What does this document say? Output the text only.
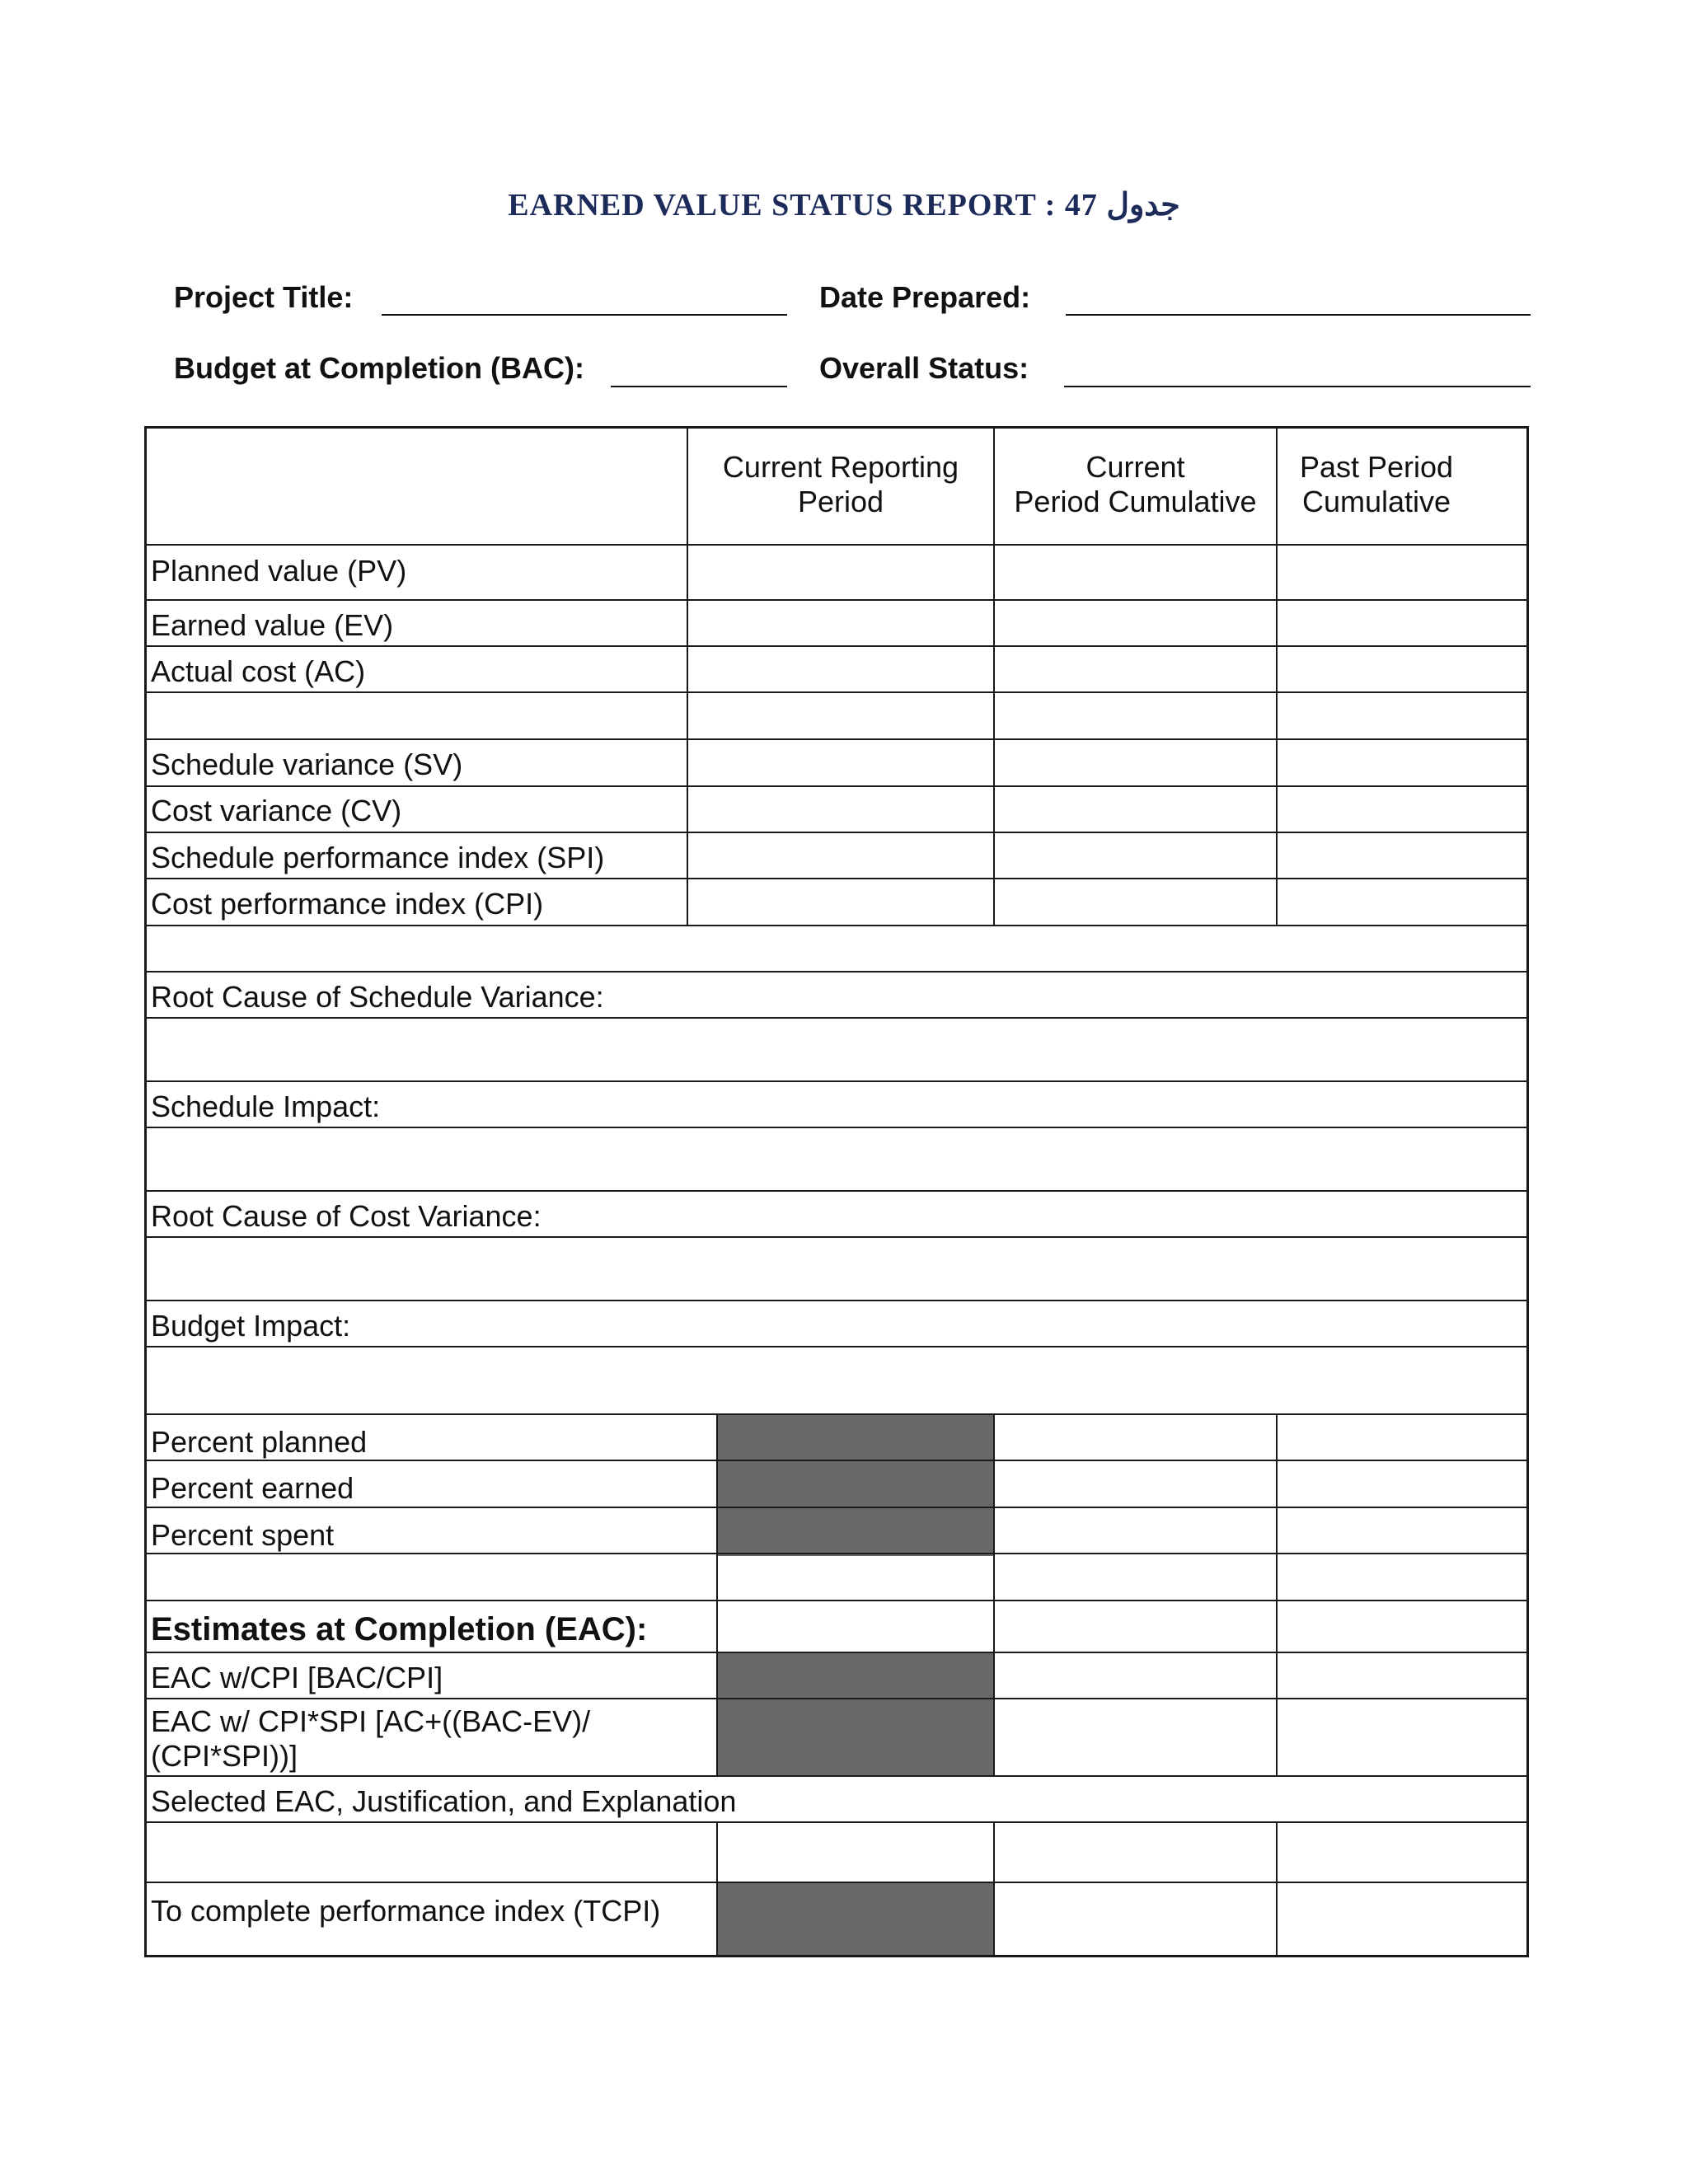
EARNED VALUE STATUS REPORT : 47 جدول
Project Title:	Date Prepared:
Budget at Completion (BAC):	Overall Status:
Current Reporting
Period
Current
Period Cumulative
Past Period
Cumulative
Planned value (PV)
Earned value (EV)
Actual cost (AC)
Schedule variance (SV)
Cost variance (CV)
Schedule performance index (SPI)
Cost performance index (CPI)
Root Cause of Schedule Variance:
Schedule Impact:
Root Cause of Cost Variance:
Budget Impact:
Percent planned
Percent earned
Percent spent
Estimates at Completion (EAC):
EAC w/CPI [BAC/CPI]
EAC w/ CPI*SPI [AC+((BAC-EV)/
(CPI*SPI))]
Selected EAC, Justification, and Explanation
To complete performance index (TCPI)
